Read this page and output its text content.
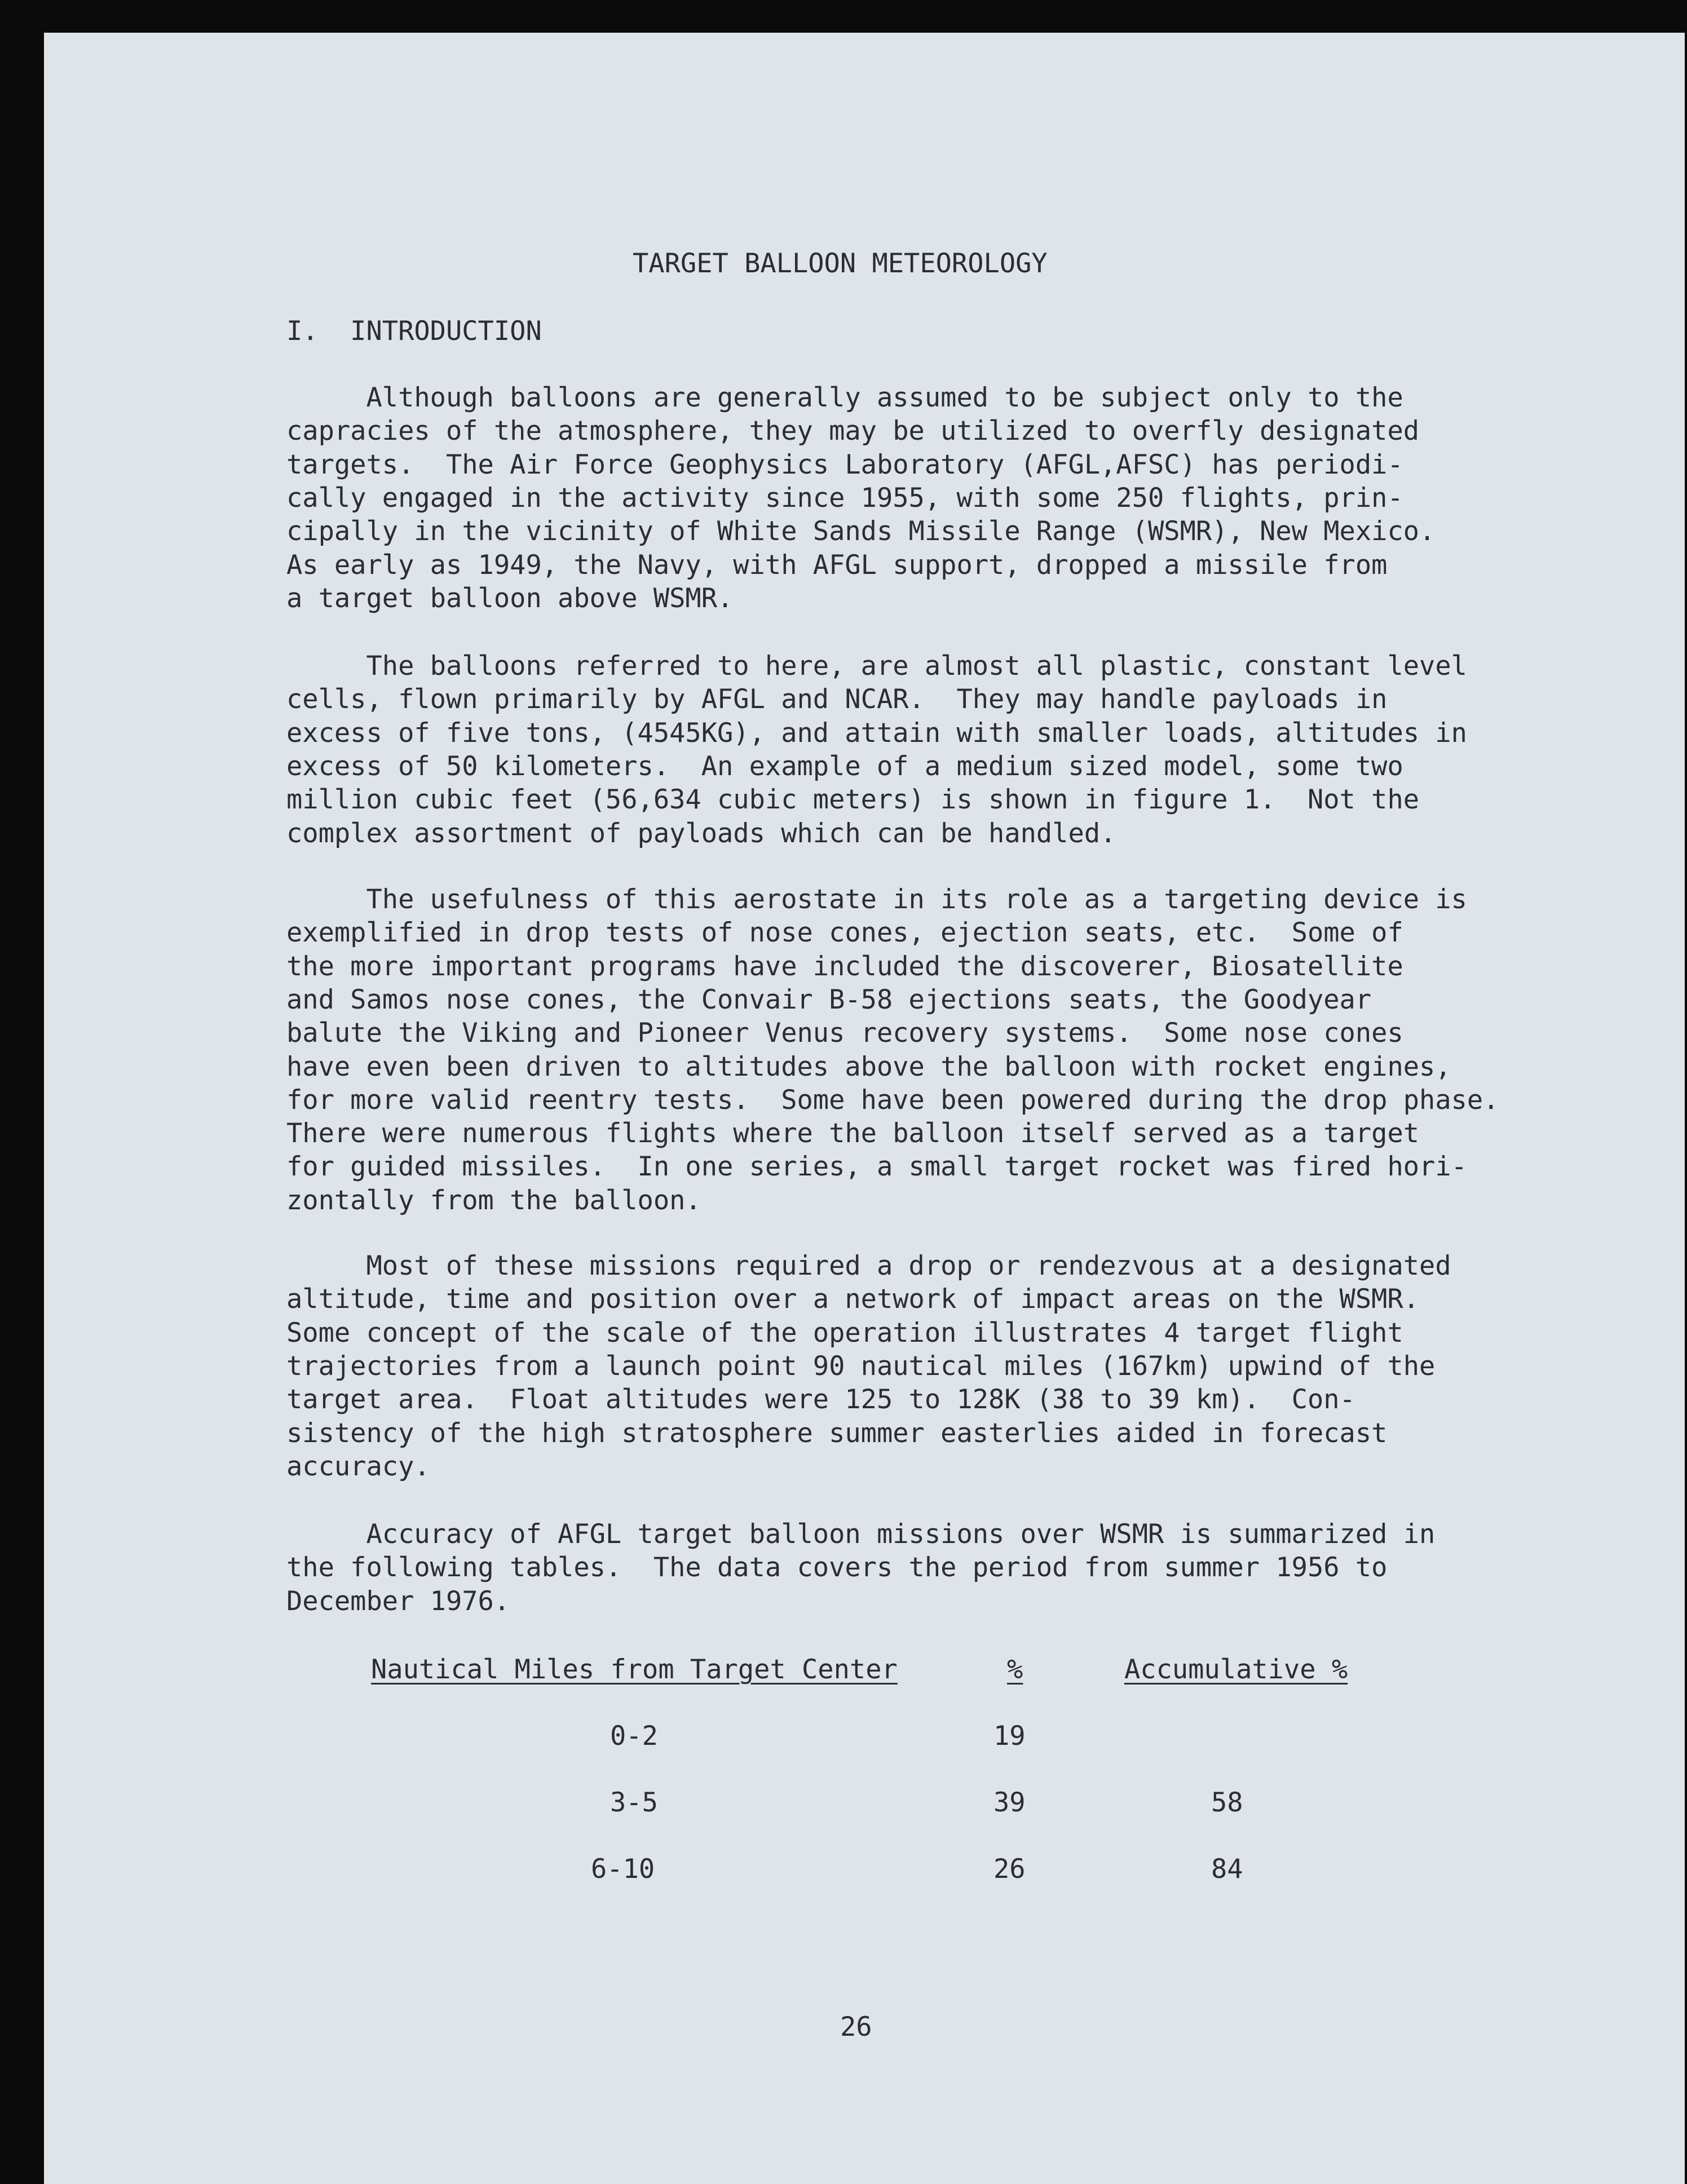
TARGET BALLOON METEOROLOGY
I.  INTRODUCTION
Although balloons are generally assumed to be subject only to the
capracies of the atmosphere, they may be utilized to overfly designated
targets.  The Air Force Geophysics Laboratory (AFGL,AFSC) has periodi-
cally engaged in the activity since 1955, with some 250 flights, prin-
cipally in the vicinity of White Sands Missile Range (WSMR), New Mexico.
As early as 1949, the Navy, with AFGL support, dropped a missile from
a target balloon above WSMR.
The balloons referred to here, are almost all plastic, constant level
cells, flown primarily by AFGL and NCAR.  They may handle payloads in
excess of five tons, (4545KG), and attain with smaller loads, altitudes in
excess of 50 kilometers.  An example of a medium sized model, some two
million cubic feet (56,634 cubic meters) is shown in figure 1.  Not the
complex assortment of payloads which can be handled.
The usefulness of this aerostate in its role as a targeting device is
exemplified in drop tests of nose cones, ejection seats, etc.  Some of
the more important programs have included the discoverer, Biosatellite
and Samos nose cones, the Convair B-58 ejections seats, the Goodyear
balute the Viking and Pioneer Venus recovery systems.  Some nose cones
have even been driven to altitudes above the balloon with rocket engines,
for more valid reentry tests.  Some have been powered during the drop phase.
There were numerous flights where the balloon itself served as a target
for guided missiles.  In one series, a small target rocket was fired hori-
zontally from the balloon.
Most of these missions required a drop or rendezvous at a designated
altitude, time and position over a network of impact areas on the WSMR.
Some concept of the scale of the operation illustrates 4 target flight
trajectories from a launch point 90 nautical miles (167km) upwind of the
target area.  Float altitudes were 125 to 128K (38 to 39 km).  Con-
sistency of the high stratosphere summer easterlies aided in forecast
accuracy.
Accuracy of AFGL target balloon missions over WSMR is summarized in
the following tables.  The data covers the period from summer 1956 to
December 1976.
Nautical Miles from Target Center	%	Accumulative %
0-2	19
3-5	39	58
6-10	26	84
26
